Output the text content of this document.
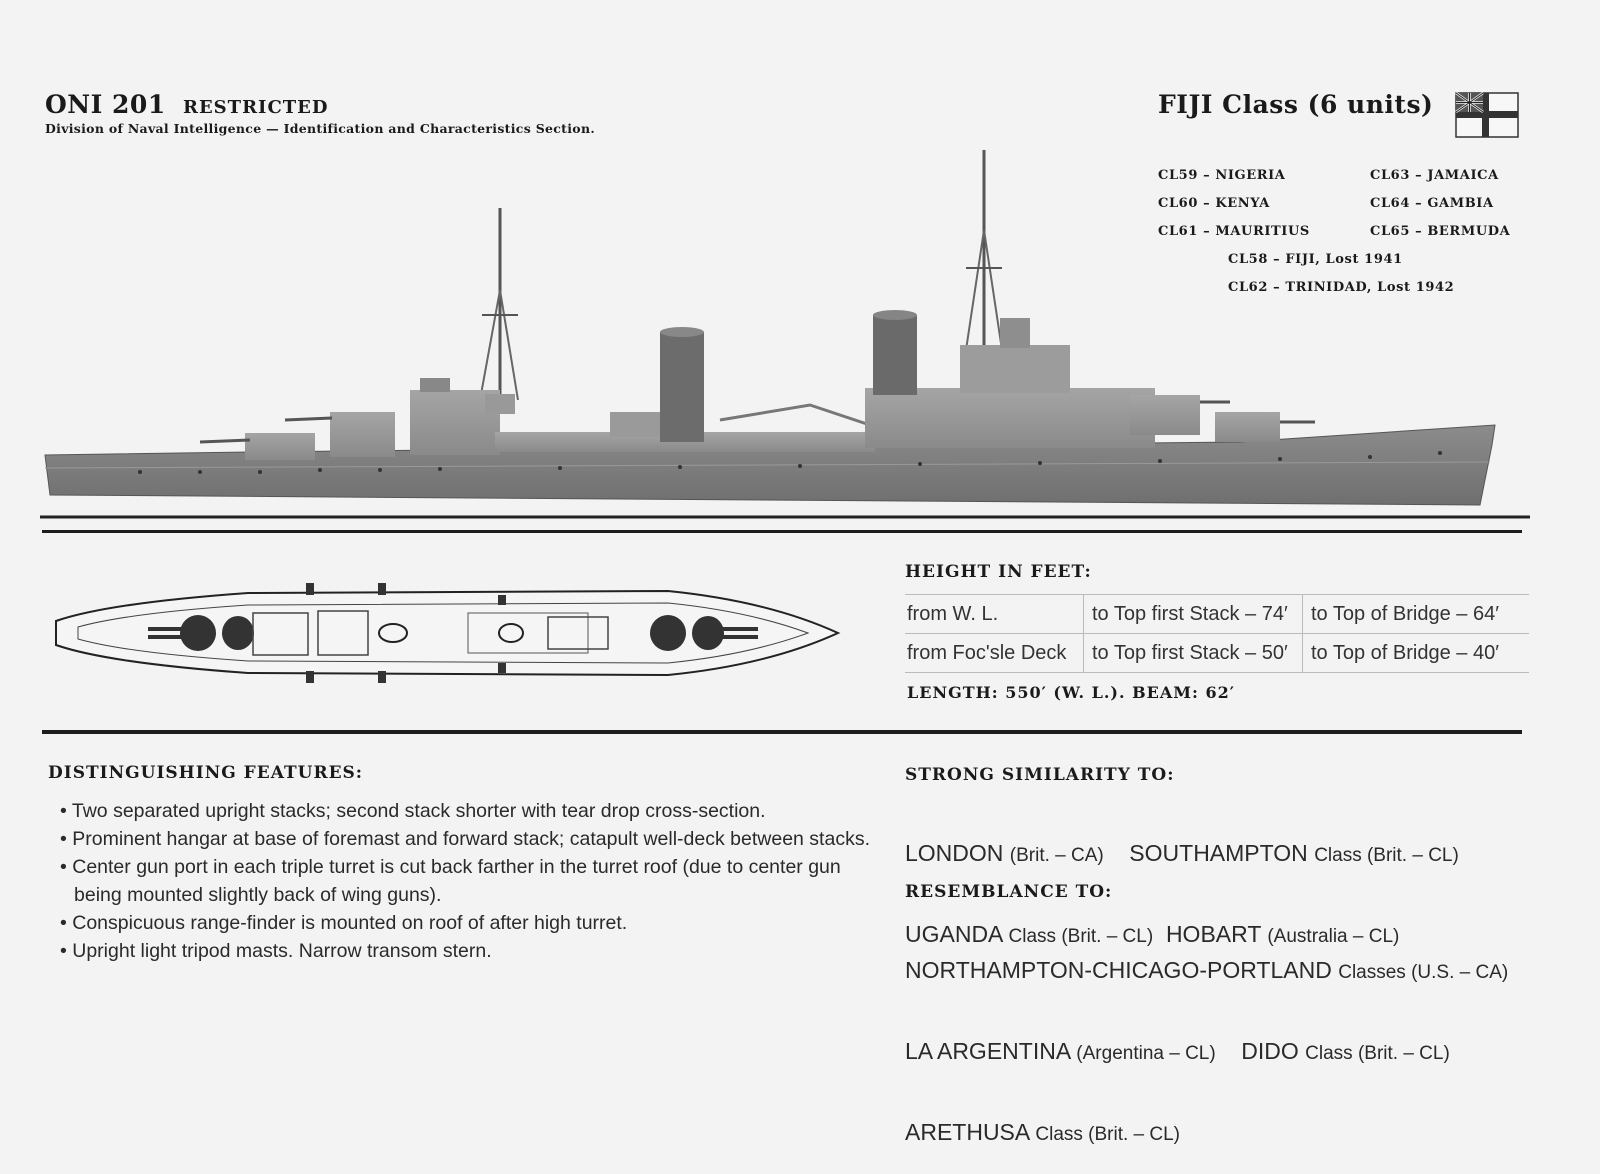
ONI 201 RESTRICTED
Division of Naval Intelligence — Identification and Characteristics Section.
FIJI Class (6 units)
CL59 – NIGERIA
CL60 – KENYA
CL61 – MAURITIUS
CL63 – JAMAICA
CL64 – GAMBIA
CL65 – BERMUDA
CL58 – FIJI, Lost 1941
CL62 – TRINIDAD, Lost 1942
HEIGHT IN FEET:
from W. L.	to Top first Stack – 74′	to Top of Bridge – 64′
from Foc'sle Deck	to Top first Stack – 50′	to Top of Bridge – 40′
LENGTH: 550′ (W. L.). BEAM: 62′
DISTINGUISHING FEATURES:
• Two separated upright stacks; second stack shorter with tear drop cross-section.
• Prominent hangar at base of foremast and forward stack; catapult well-deck between stacks.
• Center gun port in each triple turret is cut back farther in the turret roof (due to center gun being mounted slightly back of wing guns).
• Conspicuous range-finder is mounted on roof of after high turret.
• Upright light tripod masts. Narrow transom stern.
STRONG SIMILARITY TO:

LONDON (Brit. – CA)    SOUTHAMPTON Class (Brit. – CL)

UGANDA Class (Brit. – CL)  HOBART (Australia – CL)

RESEMBLANCE TO:

NORTHAMPTON-CHICAGO-PORTLAND Classes (U.S. – CA)

LA ARGENTINA (Argentina – CL)    DIDO Class (Brit. – CL)

ARETHUSA Class (Brit. – CL)
